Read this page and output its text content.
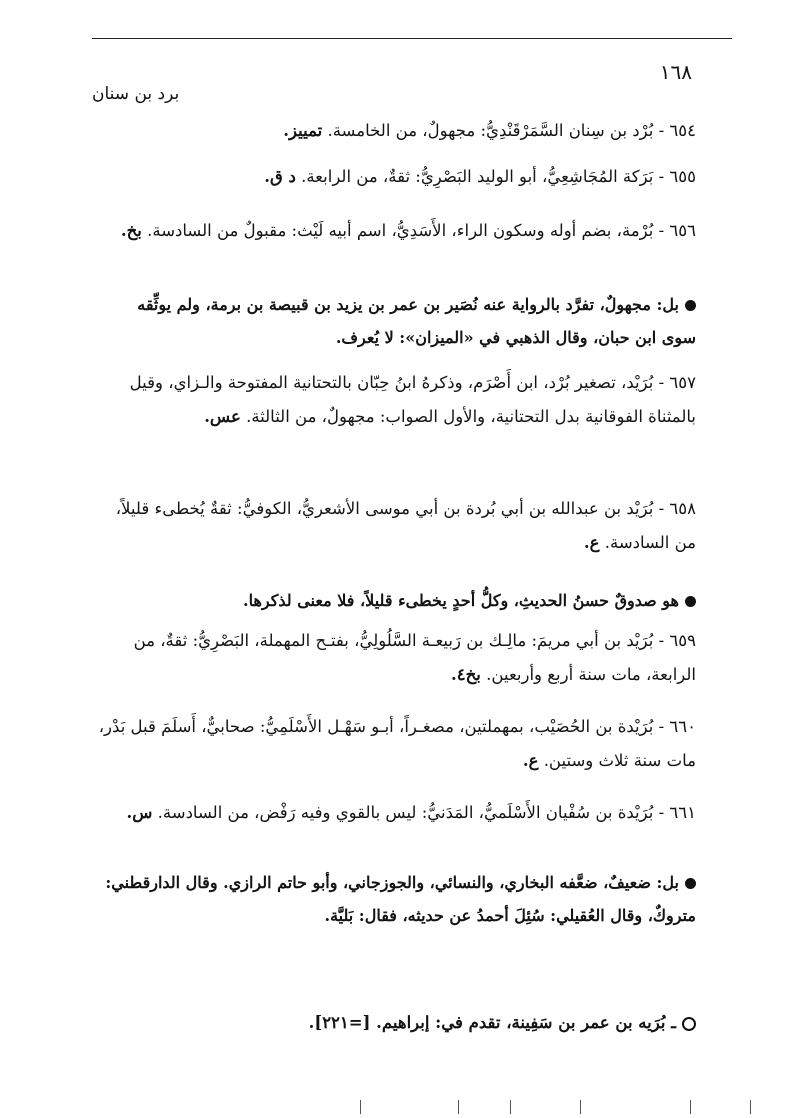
١٦٨
برد بن سنان
٦٥٤ - بُرْد بن سِنان السَّمَرْقَنْدِيُّ: مجهولٌ، من الخامسة. تمييز.
٦٥٥ - بَرَكة المُجَاشِعِيُّ، أبو الوليد البَصْرِيُّ: ثقةٌ، من الرابعة. د ق.
٦٥٦ - بُرْمة، بضم أوله وسكون الراء، الأَسَدِيُّ، اسم أبيه لَيْث: مقبولٌ من السادسة. بخ.
بل: مجهولٌ، تفرَّد بالرواية عنه نُصَير بن عمر بن يزيد بن قبيصة بن برمة، ولم يوثِّقه سوى ابن حبان، وقال الذهبي في «الميزان»: لا يُعرف.
٦٥٧ - بُرَيْد، تصغير بُرْد، ابن أَصْرَم، وذكرهُ ابنُ حِبّان بالتحتانية المفتوحة والـزاي، وقيل بالمثناة الفوقانية بدل التحتانية، والأول الصواب: مجهولٌ، من الثالثة. عس.
٦٥٨ - بُرَيْد بن عبدالله بن أبي بُردة بن أبي موسى الأشعريُّ، الكوفيُّ: ثقةٌ يُخطىء قليلاً، من السادسة. ع.
هو صدوقٌ حسنُ الحديثِ، وكلُّ أحدٍ يخطىء قليلاً، فلا معنى لذكرها.
٦٥٩ - بُرَيْد بن أبي مريمَ: مالِـك بن رَبيعـة السَّلُولِيُّ، بفتـح المهملة، البَصْرِيُّ: ثقةٌ، من الرابعة، مات سنة أربع وأربعين. بخ٤.
٦٦٠ - بُرَيْدة بن الحُصَيْب، بمهملتين، مصغـراً، أبـو سَهْـل الأَسْلَمِيُّ: صحابيٌّ، أَسلَمَ قبل بَدْر، مات سنة ثلاث وستين. ع.
٦٦١ - بُرَيْدة بن سُفْيان الأَسْلَميُّ، المَدَنيُّ: ليس بالقوي وفيه رَفْض، من السادسة. س.
بل: ضعيفٌ، ضعَّفه البخاري، والنسائي، والجوزجاني، وأبو حاتم الرازي. وقال الدارقطني: متروكٌ، وقال العُقيلي: سُئِلَ أحمدُ عن حديثه، فقال: بَليَّة.
ـ بُرَيه بن عمر بن سَفِينة، تقدم في: إبراهيم. [=٢٢١].
